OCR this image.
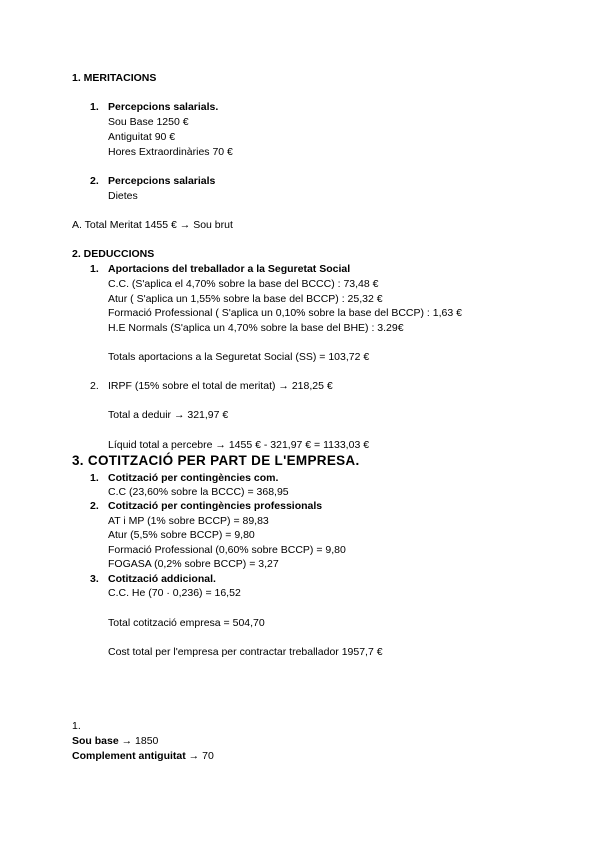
1. MERITACIONS
1. Percepcions salarials.
Sou Base 1250 €
Antiguitat 90 €
Hores Extraordinàries 70 €
2. Percepcions salarials
Dietes
A. Total Meritat 1455 € → Sou brut
2. DEDUCCIONS
1. Aportacions del treballador a la Seguretat Social
C.C. (S'aplica el 4,70% sobre la base del BCCC) : 73,48 €
Atur ( S'aplica un 1,55% sobre la base del BCCP) : 25,32 €
Formació Professional ( S'aplica un 0,10% sobre la base del BCCP) : 1,63 €
H.E Normals (S'aplica un 4,70% sobre la base del BHE) : 3.29€
Totals aportacions a la Seguretat Social (SS) = 103,72 €
2. IRPF (15% sobre el total de meritat) → 218,25 €
Total a deduir → 321,97 €
Líquid total a percebre → 1455 € - 321,97 € = 1133,03 €
3. COTITZACIÓ PER PART DE L'EMPRESA.
1. Cotització per contingències com.
C.C (23,60% sobre la BCCC) = 368,95
2. Cotització per contingències professionals
AT i MP (1% sobre BCCP) = 89,83
Atur (5,5% sobre BCCP) = 9,80
Formació Professional (0,60% sobre BCCP) = 9,80
FOGASA (0,2% sobre BCCP) = 3,27
3. Cotització addicional.
C.C. He (70 · 0,236) = 16,52
Total cotització empresa = 504,70
Cost total per l'empresa per contractar treballador 1957,7 €
1.
Sou base → 1850
Complement antiguitat → 70
